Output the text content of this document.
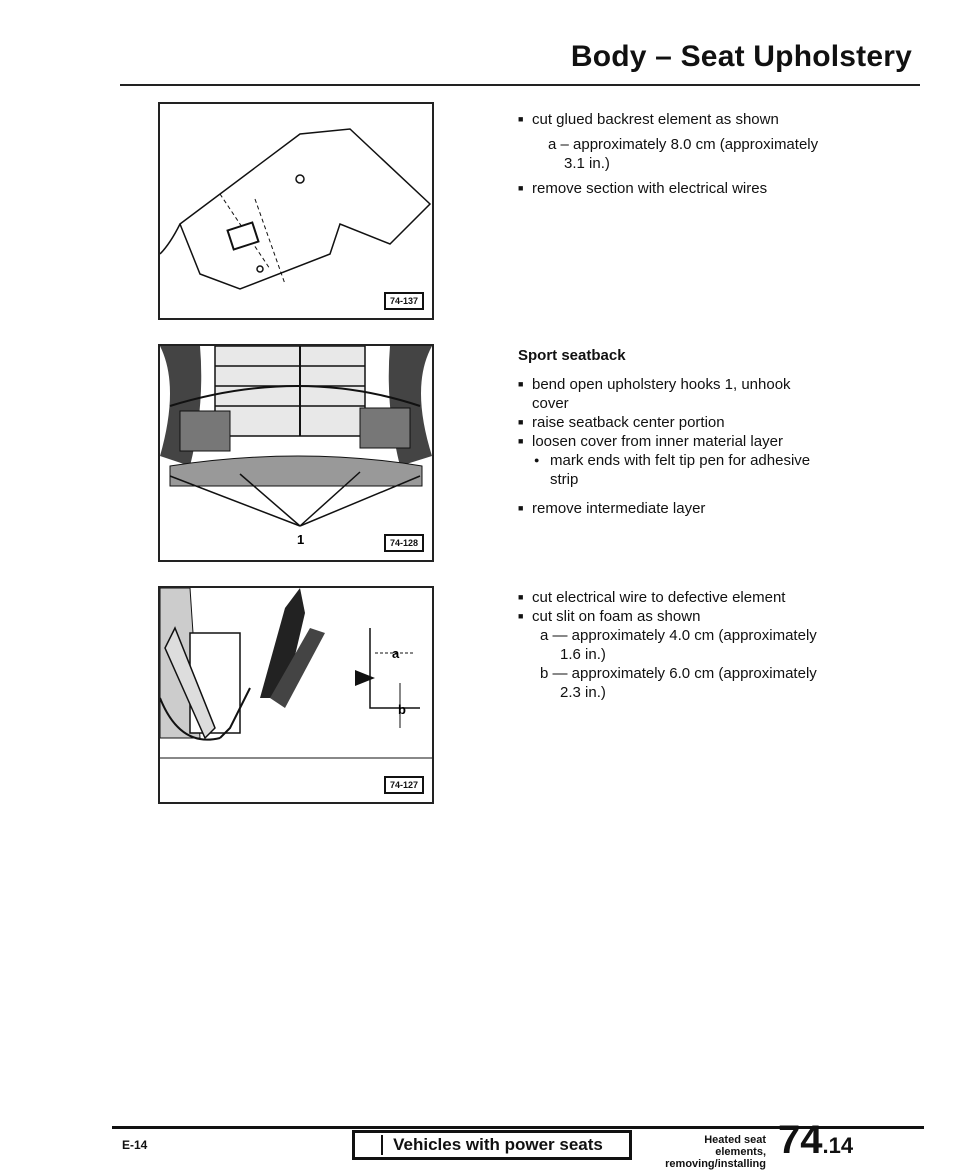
Body – Seat Upholstery
74-137
1	74-128
a
b
74-127

■ cut glued backrest element as shown

a – approximately 8.0 cm (approximately

3.1 in.)

■ remove section with electrical wires

Sport seatback

■ bend open upholstery hooks 1, unhook

cover

■ raise seatback center portion

■ loosen cover from inner material layer

● mark ends with felt tip pen for adhesive

strip

■ remove intermediate layer

■ cut electrical wire to defective element

■ cut slit on foam as shown

a — approximately 4.0 cm (approximately

1.6 in.)

b — approximately 6.0 cm (approximately

2.3 in.)

E-14	Vehicles with power seats	Heated seat elements,
removing/installing
74.14
